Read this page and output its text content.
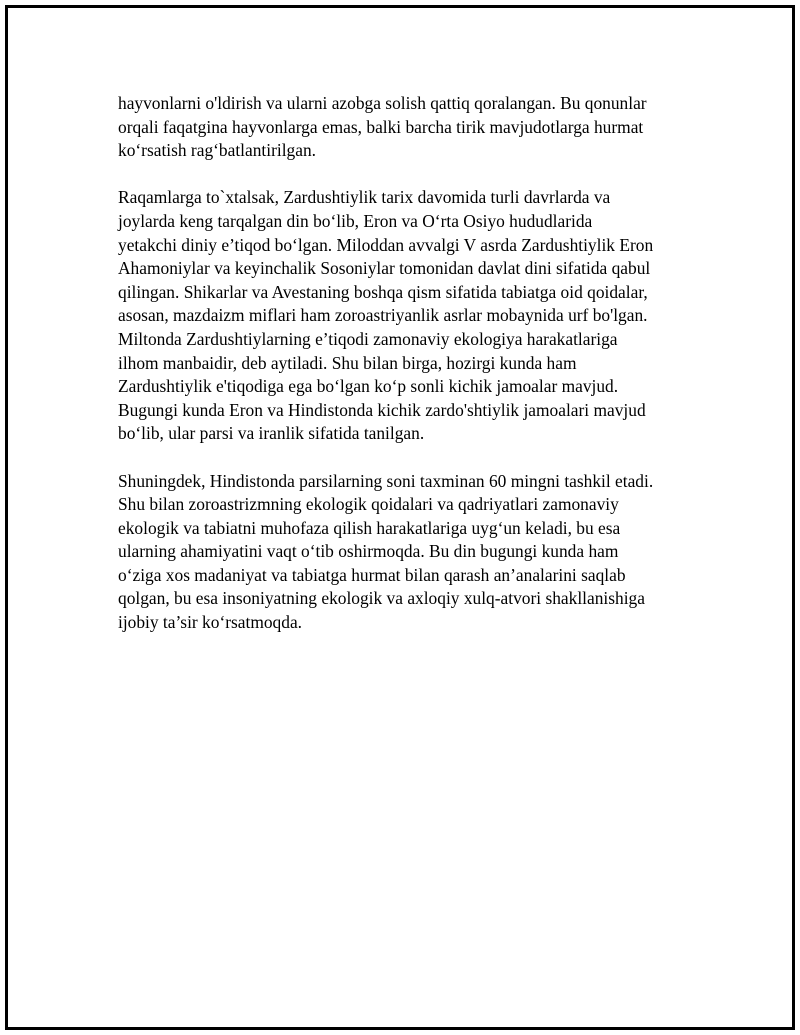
hayvonlarni o'ldirish va ularni azobga solish qattiq qoralangan. Bu qonunlar
orqali faqatgina hayvonlarga emas, balki barcha tirik mavjudotlarga hurmat
koʻrsatish ragʻbatlantirilgan.

Raqamlarga to`xtalsak, Zardushtiylik tarix davomida turli davrlarda va
joylarda keng tarqalgan din boʻlib, Eron va Oʻrta Osiyo hududlarida
yetakchi diniy e’tiqod boʻlgan. Miloddan avvalgi V asrda Zardushtiylik Eron
Ahamoniylar va keyinchalik Sosoniylar tomonidan davlat dini sifatida qabul
qilingan. Shikarlar va Avestaning boshqa qism sifatida tabiatga oid qoidalar,
asosan, mazdaizm miflari ham zoroastriyanlik asrlar mobaynida urf bo'lgan.
Miltonda Zardushtiylarning e’tiqodi zamonaviy ekologiya harakatlariga
ilhom manbaidir, deb aytiladi. Shu bilan birga, hozirgi kunda ham
Zardushtiylik e'tiqodiga ega boʻlgan koʻp sonli kichik jamoalar mavjud.
Bugungi kunda Eron va Hindistonda kichik zardo'shtiylik jamoalari mavjud
boʻlib, ular parsi va iranlik sifatida tanilgan.

Shuningdek, Hindistonda parsilarning soni taxminan 60 mingni tashkil etadi.
Shu bilan zoroastrizmning ekologik qoidalari va qadriyatlari zamonaviy
ekologik va tabiatni muhofaza qilish harakatlariga uygʻun keladi, bu esa
ularning ahamiyatini vaqt oʻtib oshirmoqda. Bu din bugungi kunda ham
oʻziga xos madaniyat va tabiatga hurmat bilan qarash an’analarini saqlab
qolgan, bu esa insoniyatning ekologik va axloqiy xulq-atvori shakllanishiga
ijobiy ta’sir koʻrsatmoqda.
